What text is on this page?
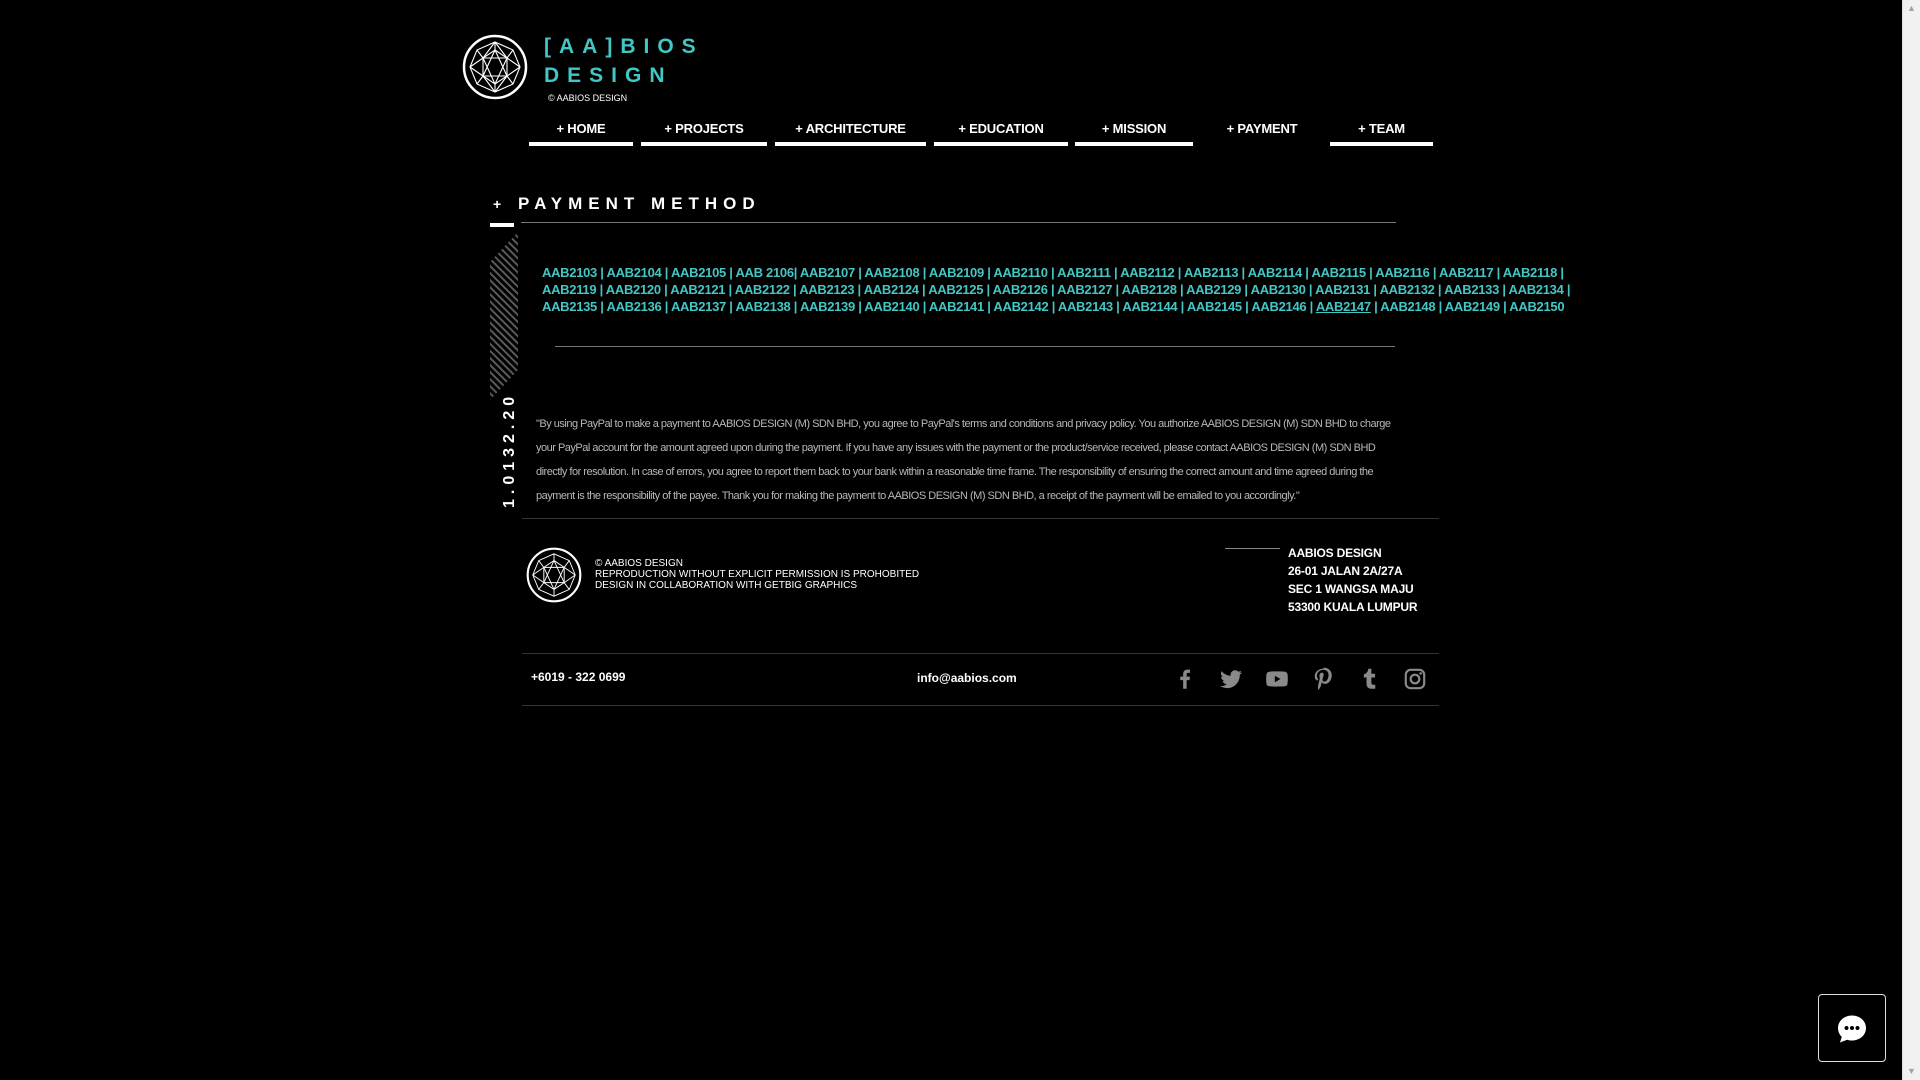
[AA]BIOS
DESIGN
© AABIOS DESIGN
+ HOME	+ PROJECTS	+ ARCHITECTURE	+ EDUCATION	+ MISSION	+ PAYMENT	+ TEAM
+ PAYMENT METHOD
1.0132.20
AAB2103 | AAB2104 | AAB2105 | AAB 2106| AAB2107 | AAB2108 | AAB2109 | AAB2110 | AAB2111 | AAB2112 | AAB2113 | AAB2114 | AAB2115 | AAB2116 | AAB2117 | AAB2118 |
AAB2119 | AAB2120 | AAB2121 | AAB2122 | AAB2123 | AAB2124 | AAB2125 | AAB2126 | AAB2127 | AAB2128 | AAB2129 | AAB2130 | AAB2131 | AAB2132 | AAB2133 | AAB2134 |
AAB2135 | AAB2136 | AAB2137 | AAB2138 | AAB2139 | AAB2140 | AAB2141 | AAB2142 | AAB2143 | AAB2144 | AAB2145 | AAB2146 | AAB2147 | AAB2148 | AAB2149 | AAB2150
"By using PayPal to make a payment to AABIOS DESIGN (M) SDN BHD, you agree to PayPal's terms and conditions and privacy policy. You authorize AABIOS DESIGN (M) SDN BHD to charge your PayPal account for the amount agreed upon during the payment. If you have any issues with the payment or the product/service received, please contact AABIOS DESIGN (M) SDN BHD directly for resolution. In case of errors, you agree to report them back to your bank within a reasonable time frame. The responsibility of ensuring the correct amount and time agreed during the payment is the responsibility of the payee. Thank you for making the payment to AABIOS DESIGN (M) SDN BHD, a receipt of the payment will be emailed to you accordingly."
© AABIOS DESIGN
REPRODUCTION WITHOUT EXPLICIT PERMISSION IS PROHOBITED
DESIGN IN COLLABORATION WITH GETBIG GRAPHICS
AABIOS DESIGN
26-01 JALAN 2A/27A
SEC 1 WANGSA MAJU
53300 KUALA LUMPUR
+6019 - 322 0699	info@aabios.com
▲
▼
